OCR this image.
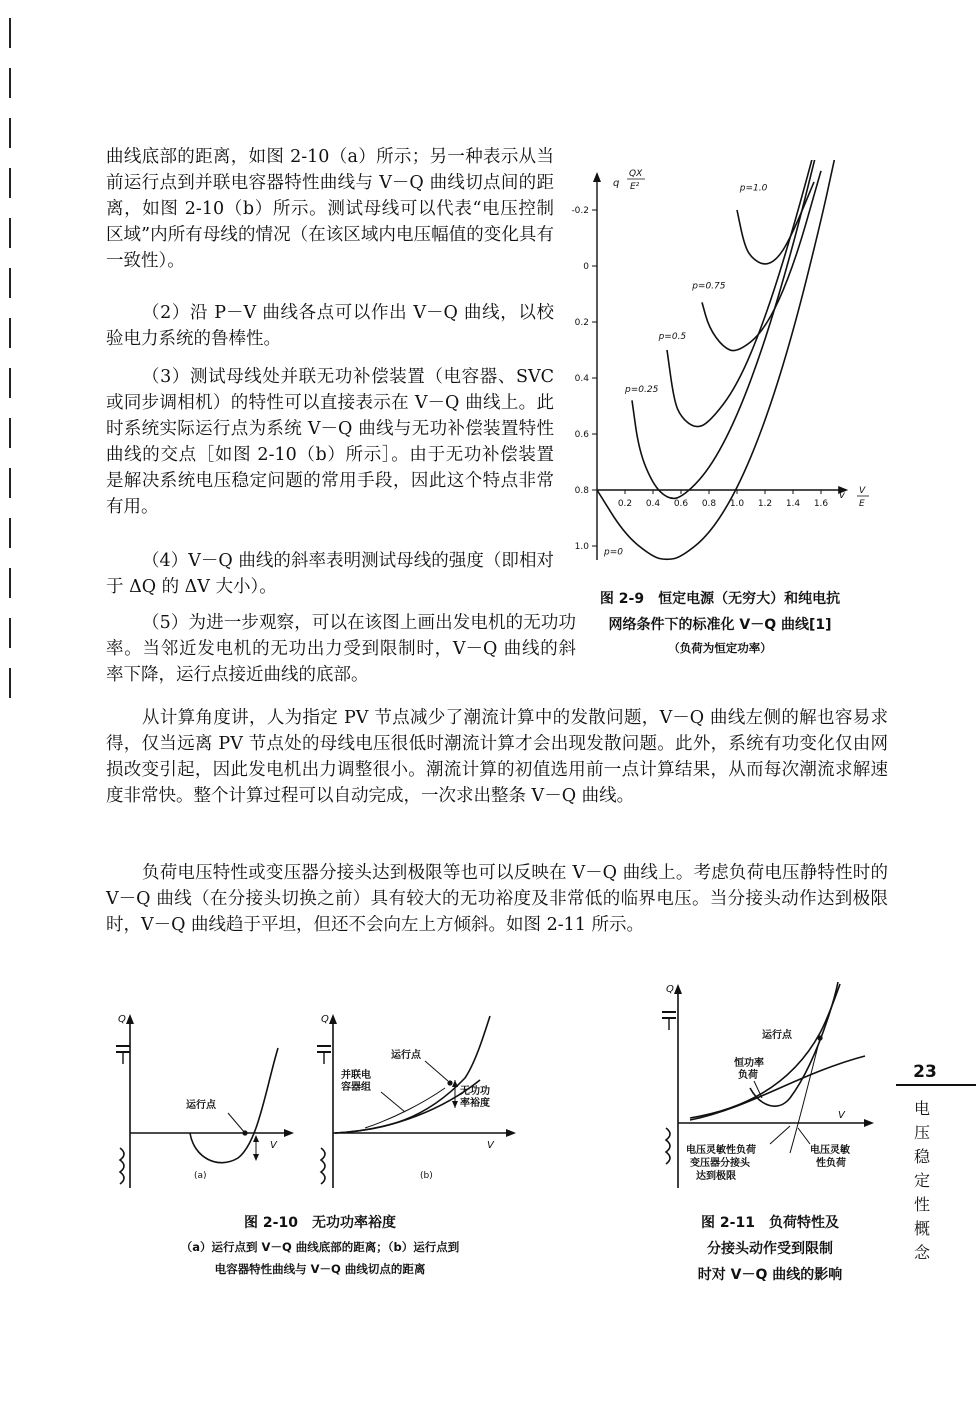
曲线底部的距离，如图 2-10（a）所示；另一种表示从当前运行点到并联电容器特性曲线与 V－Q 曲线切点间的距离，如图 2-10（b）所示。测试母线可以代表“电压控制区域”内所有母线的情况（在该区域内电压幅值的变化具有一致性）。
（2）沿 P－V 曲线各点可以作出 V－Q 曲线，以校验电力系统的鲁棒性。
（3）测试母线处并联无功补偿装置（电容器、SVC 或同步调相机）的特性可以直接表示在 V－Q 曲线上。此时系统实际运行点为系统 V－Q 曲线与无功补偿装置特性曲线的交点［如图 2-10（b）所示］。由于无功补偿装置是解决系统电压稳定问题的常用手段，因此这个特点非常有用。
（4）V－Q 曲线的斜率表明测试母线的强度（即相对于 ΔQ 的 ΔV 大小）。
（5）为进一步观察，可以在该图上画出发电机的无功功率。当邻近发电机的无功出力受到限制时，V－Q 曲线的斜率下降，运行点接近曲线的底部。
从计算角度讲，人为指定 PV 节点减少了潮流计算中的发散问题，V－Q 曲线左侧的解也容易求得，仅当远离 PV 节点处的母线电压很低时潮流计算才会出现发散问题。此外，系统有功变化仅由网损改变引起，因此发电机出力调整很小。潮流计算的初值选用前一点计算结果，从而每次潮流求解速度非常快。整个计算过程可以自动完成，一次求出整条 V－Q 曲线。
负荷电压特性或变压器分接头达到极限等也可以反映在 V－Q 曲线上。考虑负荷电压静特性时的 V－Q 曲线（在分接头切换之前）具有较大的无功裕度及非常低的临界电压。当分接头动作达到极限时，V－Q 曲线趋于平坦，但还不会向左上方倾斜。如图 2-11 所示。
1.0
0.8
0.6
0.4
0.2
0
-0.2
0.2 0.4 0.6 0.8 1.0 1.2 1.4 1.6
p=1.0
p=0.75
p=0.5
p=0.25
p=0
q
QX
E²
v V
E
图 2-9　恒定电源（无穷大）和纯电抗
网络条件下的标准化 V－Q 曲线[1]
（负荷为恒定功率）
Q
V
运行点
(a)
Q
V
运行点
并联电
容器组	无功功
率裕度
(b)
图 2-10　无功功率裕度
（a）运行点到 V－Q 曲线底部的距离；（b）运行点到
电容器特性曲线与 V－Q 曲线切点的距离
Q
V
运行点
恒功率
负荷
电压灵敏性负荷
变压器分接头
达到极限
电压灵敏
性负荷
图 2-11　负荷特性及
分接头动作受到限制
时对 V－Q 曲线的影响
23
电
压
稳
定
性
概
念
